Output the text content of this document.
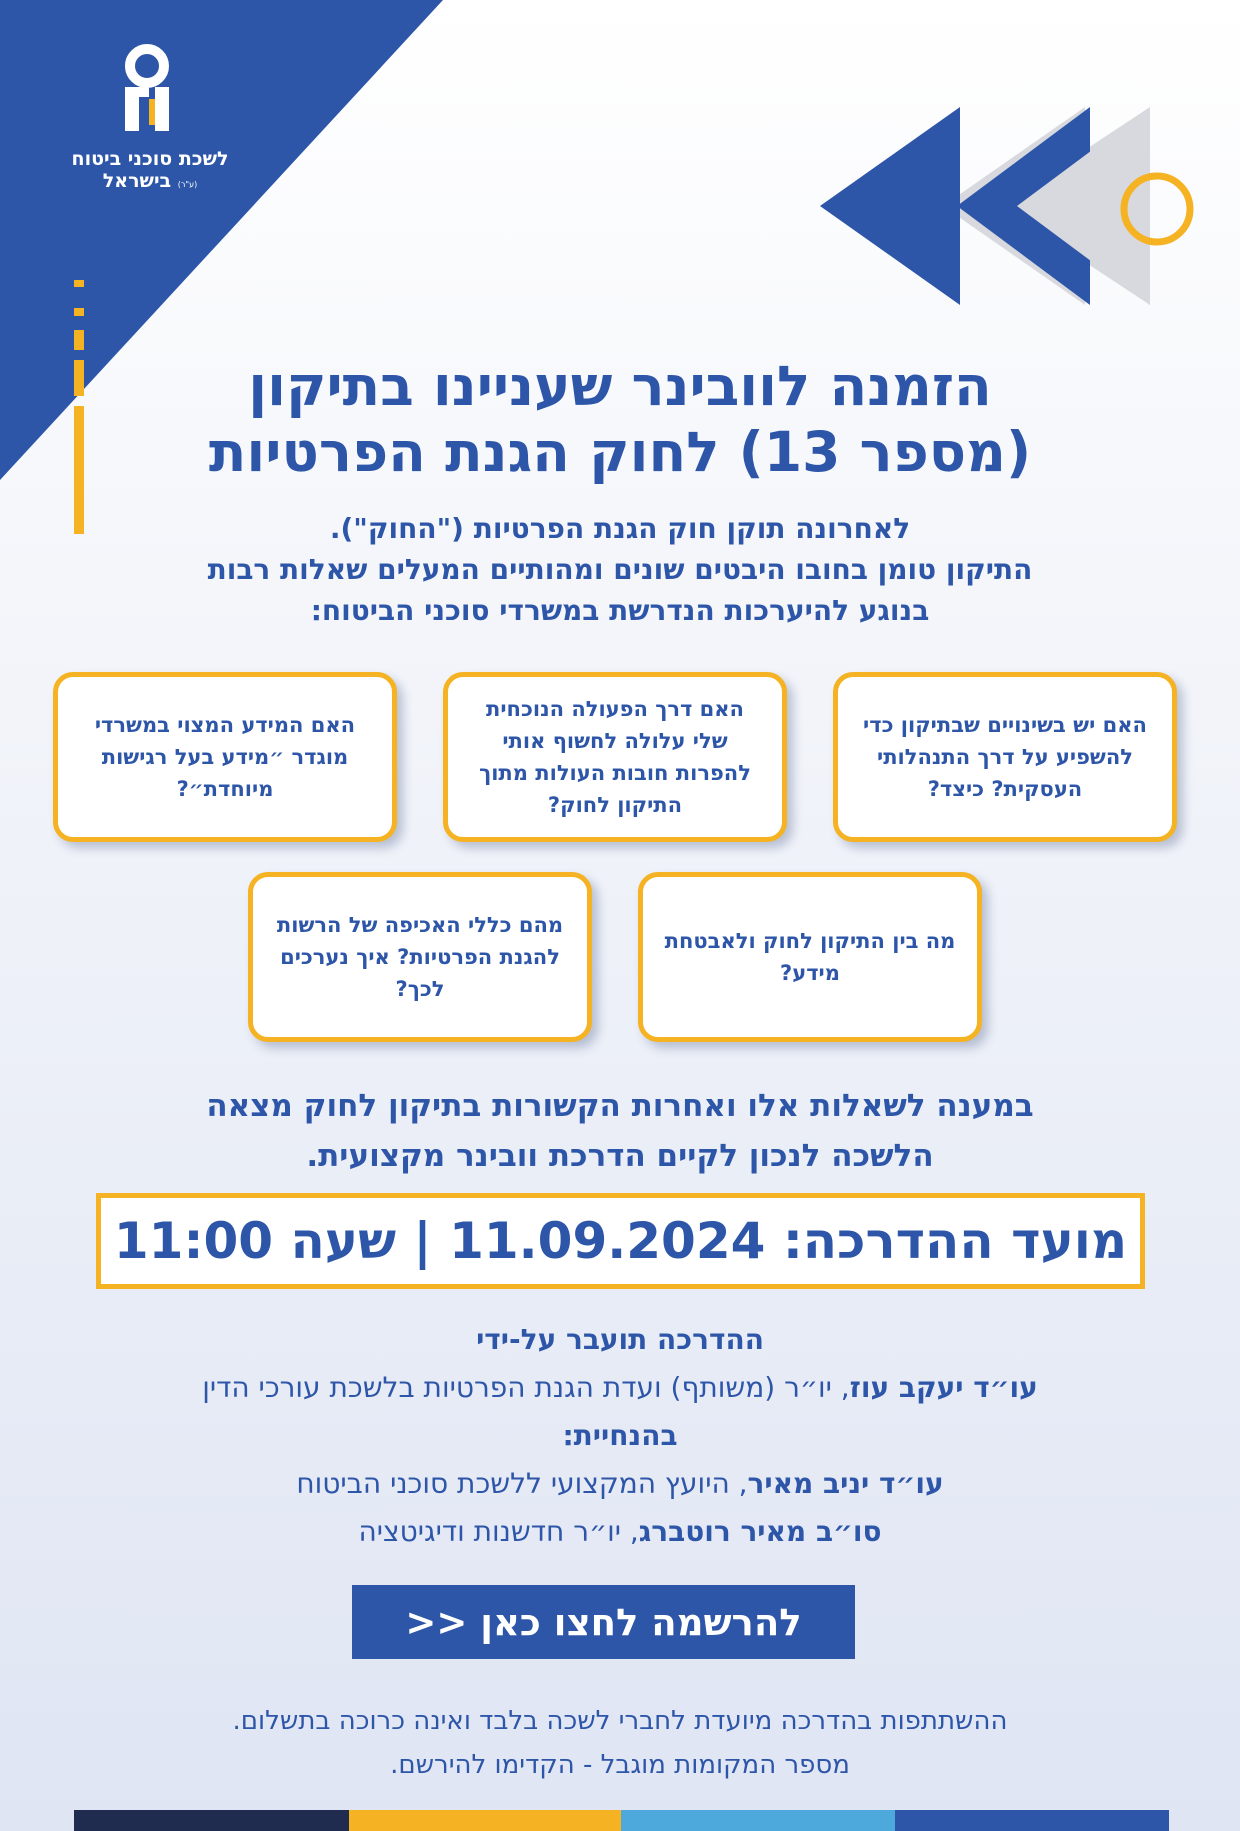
לשכת סוכני ביטוח
(ע"ר) בישראל
הזמנה לוובינר שעניינו בתיקון
(מספר 13) לחוק הגנת הפרטיות
לאחרונה תוקן חוק הגנת הפרטיות ("החוק").
התיקון טומן בחובו היבטים שונים ומהותיים המעלים שאלות רבות
בנוגע להיערכות הנדרשת במשרדי סוכני הביטוח:
האם יש בשינויים שבתיקון כדי להשפיע על דרך התנהלותי העסקית? כיצד?
האם דרך הפעולה הנוכחית שלי עלולה לחשוף אותי להפרות חובות העולות מתוך התיקון לחוק?
האם המידע המצוי במשרדי מוגדר ״מידע בעל רגישות מיוחדת״?
מה בין התיקון לחוק ולאבטחת מידע?
מהם כללי האכיפה של הרשות להגנת הפרטיות? איך נערכים לכך?
במענה לשאלות אלו ואחרות הקשורות בתיקון לחוק מצאה
הלשכה לנכון לקיים הדרכת וובינר מקצועית.
מועד ההדרכה: 11.09.2024 | שעה 11:00
ההדרכה תועבר על-ידי
עו״ד יעקב עוז, יו״ר (משותף) ועדת הגנת הפרטיות בלשכת עורכי הדין
בהנחיית:
עו״ד יניב מאיר, היועץ המקצועי ללשכת סוכני הביטוח
סו״ב מאיר רוטברג, יו״ר חדשנות ודיגיטציה
להרשמה לחצו כאן <<
ההשתתפות בהדרכה מיועדת לחברי לשכה בלבד ואינה כרוכה בתשלום.
מספר המקומות מוגבל - הקדימו להירשם.
